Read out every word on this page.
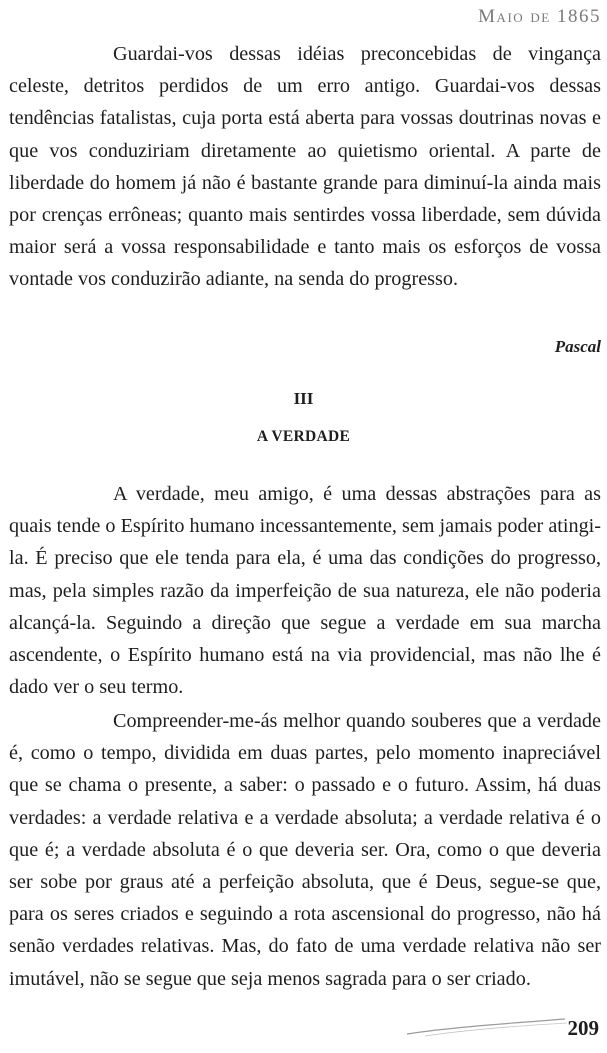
Maio de 1865

Guardai-vos dessas idéias preconcebidas de vingança celeste, detritos perdidos de um erro antigo. Guardai-vos dessas tendências fatalistas, cuja porta está aberta para vossas doutrinas novas e que vos conduziriam diretamente ao quietismo oriental. A parte de liberdade do homem já não é bastante grande para diminuí-la ainda mais por crenças errôneas; quanto mais sentirdes vossa liberdade, sem dúvida maior será a vossa responsabilidade e tanto mais os esforços de vossa vontade vos conduzirão adiante, na senda do progresso.

Pascal
III
A VERDADE

A verdade, meu amigo, é uma dessas abstrações para as quais tende o Espírito humano incessantemente, sem jamais poder atingi-la. É preciso que ele tenda para ela, é uma das condições do progresso, mas, pela simples razão da imperfeição de sua natureza, ele não poderia alcançá-la. Seguindo a direção que segue a verdade em sua marcha ascendente, o Espírito humano está na via providencial, mas não lhe é dado ver o seu termo.

Compreender-me-ás melhor quando souberes que a verdade é, como o tempo, dividida em duas partes, pelo momento inapreciável que se chama o presente, a saber: o passado e o futuro. Assim, há duas verdades: a verdade relativa e a verdade absoluta; a verdade relativa é o que é; a verdade absoluta é o que deveria ser. Ora, como o que deveria ser sobe por graus até a perfeição absoluta, que é Deus, segue-se que, para os seres criados e seguindo a rota ascensional do progresso, não há senão verdades relativas. Mas, do fato de uma verdade relativa não ser imutável, não se segue que seja menos sagrada para o ser criado.

209
